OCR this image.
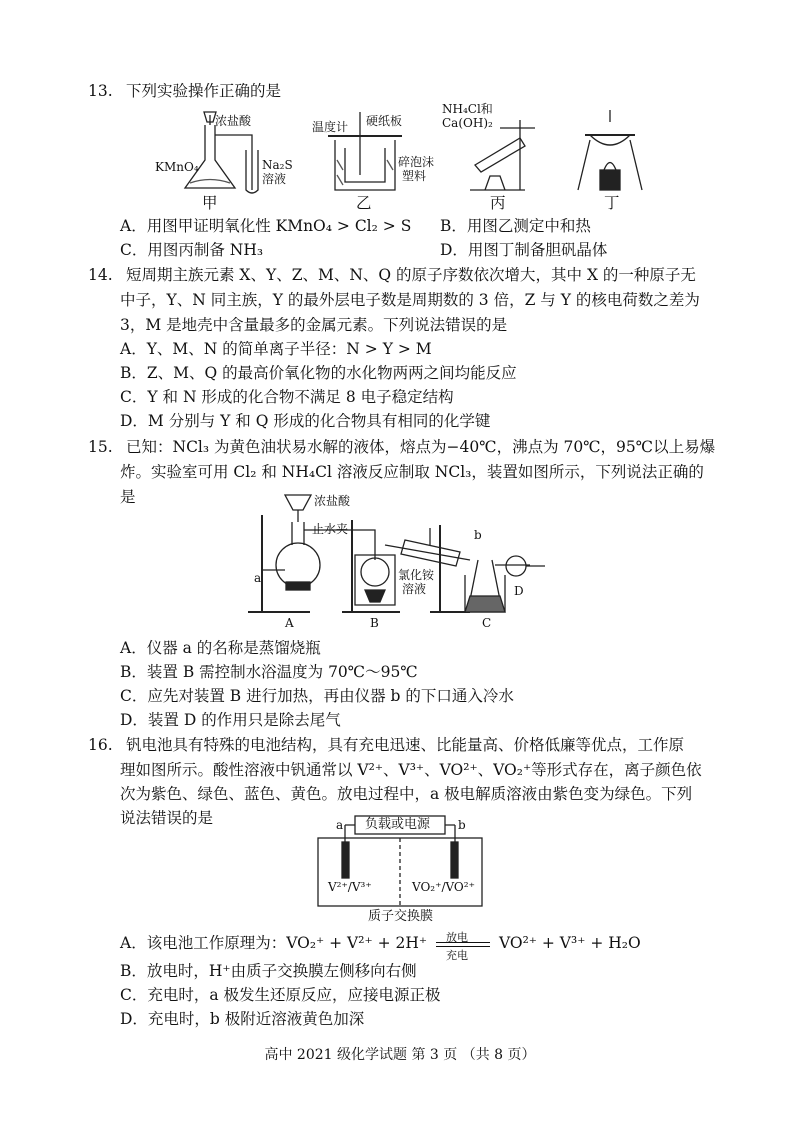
13. 下列实验操作正确的是
浓盐酸
KMnO₄	Na₂S
溶液
温度计 硬纸板
碎泡沫
塑料
NH₄Cl和
Ca(OH)₂
甲	乙	丙	丁
A．用图甲证明氧化性 KMnO₄ > Cl₂ > S B．用图乙测定中和热
C．用图丙制备 NH₃	D．用图丁制备胆矾晶体
14. 短周期主族元素 X、Y、Z、M、N、Q 的原子序数依次增大，其中 X 的一种原子无
中子，Y、N 同主族，Y 的最外层电子数是周期数的 3 倍，Z 与 Y 的核电荷数之差为
3，M 是地壳中含量最多的金属元素。下列说法错误的是
A．Y、M、N 的简单离子半径：N > Y > M
B．Z、M、Q 的最高价氧化物的水化物两两之间均能反应
C．Y 和 N 形成的化合物不满足 8 电子稳定结构
D．M 分别与 Y 和 Q 形成的化合物具有相同的化学键
15. 已知：NCl₃ 为黄色油状易水解的液体，熔点为−40℃，沸点为 70℃，95℃以上易爆
炸。实验室可用 Cl₂ 和 NH₄Cl 溶液反应制取 NCl₃，装置如图所示，下列说法正确的
是	浓盐酸
止水夹
a
b
氯化铵
溶液
A	B	C
D
A．仪器 a 的名称是蒸馏烧瓶
B．装置 B 需控制水浴温度为 70℃～95℃
C．应先对装置 B 进行加热，再由仪器 b 的下口通入冷水
D．装置 D 的作用只是除去尾气
16. 钒电池具有特殊的电池结构，具有充电迅速、比能量高、价格低廉等优点，工作原
理如图所示。酸性溶液中钒通常以 V²⁺、V³⁺、VO²⁺、VO₂⁺等形式存在，离子颜色依
次为紫色、绿色、蓝色、黄色。放电过程中，a 极电解质溶液由紫色变为绿色。下列
说法错误的是	负载或电源
a	b
V²⁺/V³⁺	VO₂⁺/VO²⁺
质子交换膜
A．该电池工作原理为：VO₂⁺ + V²⁺ + 2H⁺ 放电
充电
VO²⁺ + V³⁺ + H₂O
B．放电时，H⁺由质子交换膜左侧移向右侧
C．充电时，a 极发生还原反应，应接电源正极
D．充电时，b 极附近溶液黄色加深
高中 2021 级化学试题 第 3 页 （共 8 页）
